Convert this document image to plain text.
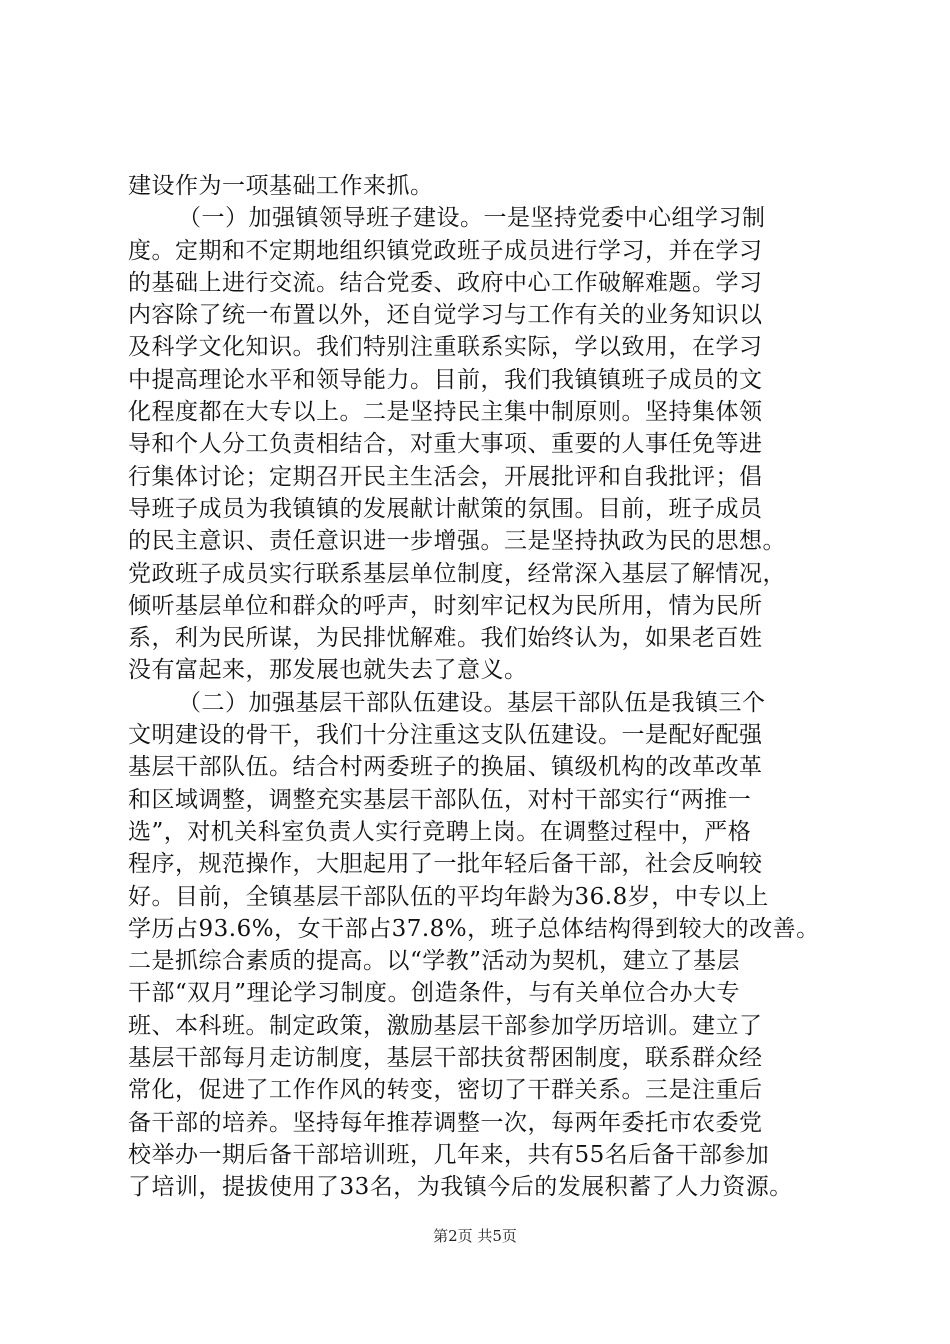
建设作为一项基础工作来抓。
（一）加强镇领导班子建设。一是坚持党委中心组学习制
度。定期和不定期地组织镇党政班子成员进行学习，并在学习
的基础上进行交流。结合党委、政府中心工作破解难题。学习
内容除了统一布置以外，还自觉学习与工作有关的业务知识以
及科学文化知识。我们特别注重联系实际，学以致用，在学习
中提高理论水平和领导能力。目前，我们我镇镇班子成员的文
化程度都在大专以上。二是坚持民主集中制原则。坚持集体领
导和个人分工负责相结合，对重大事项、重要的人事任免等进
行集体讨论；定期召开民主生活会，开展批评和自我批评；倡
导班子成员为我镇镇的发展献计献策的氛围。目前，班子成员
的民主意识、责任意识进一步增强。三是坚持执政为民的思想。
党政班子成员实行联系基层单位制度，经常深入基层了解情况，
倾听基层单位和群众的呼声，时刻牢记权为民所用，情为民所
系，利为民所谋，为民排忧解难。我们始终认为，如果老百姓
没有富起来，那发展也就失去了意义。
（二）加强基层干部队伍建设。基层干部队伍是我镇三个
文明建设的骨干，我们十分注重这支队伍建设。一是配好配强
基层干部队伍。结合村两委班子的换届、镇级机构的改革改革
和区域调整，调整充实基层干部队伍，对村干部实行“两推一
选”，对机关科室负责人实行竞聘上岗。在调整过程中，严格
程序，规范操作，大胆起用了一批年轻后备干部，社会反响较
好。目前，全镇基层干部队伍的平均年龄为36.8岁，中专以上
学历占93.6%，女干部占37.8%，班子总体结构得到较大的改善。
二是抓综合素质的提高。以“学教”活动为契机，建立了基层
干部“双月”理论学习制度。创造条件，与有关单位合办大专
班、本科班。制定政策，激励基层干部参加学历培训。建立了
基层干部每月走访制度，基层干部扶贫帮困制度，联系群众经
常化，促进了工作作风的转变，密切了干群关系。三是注重后
备干部的培养。坚持每年推荐调整一次，每两年委托市农委党
校举办一期后备干部培训班，几年来，共有55名后备干部参加
了培训，提拔使用了33名，为我镇今后的发展积蓄了人力资源。
第2页 共5页
